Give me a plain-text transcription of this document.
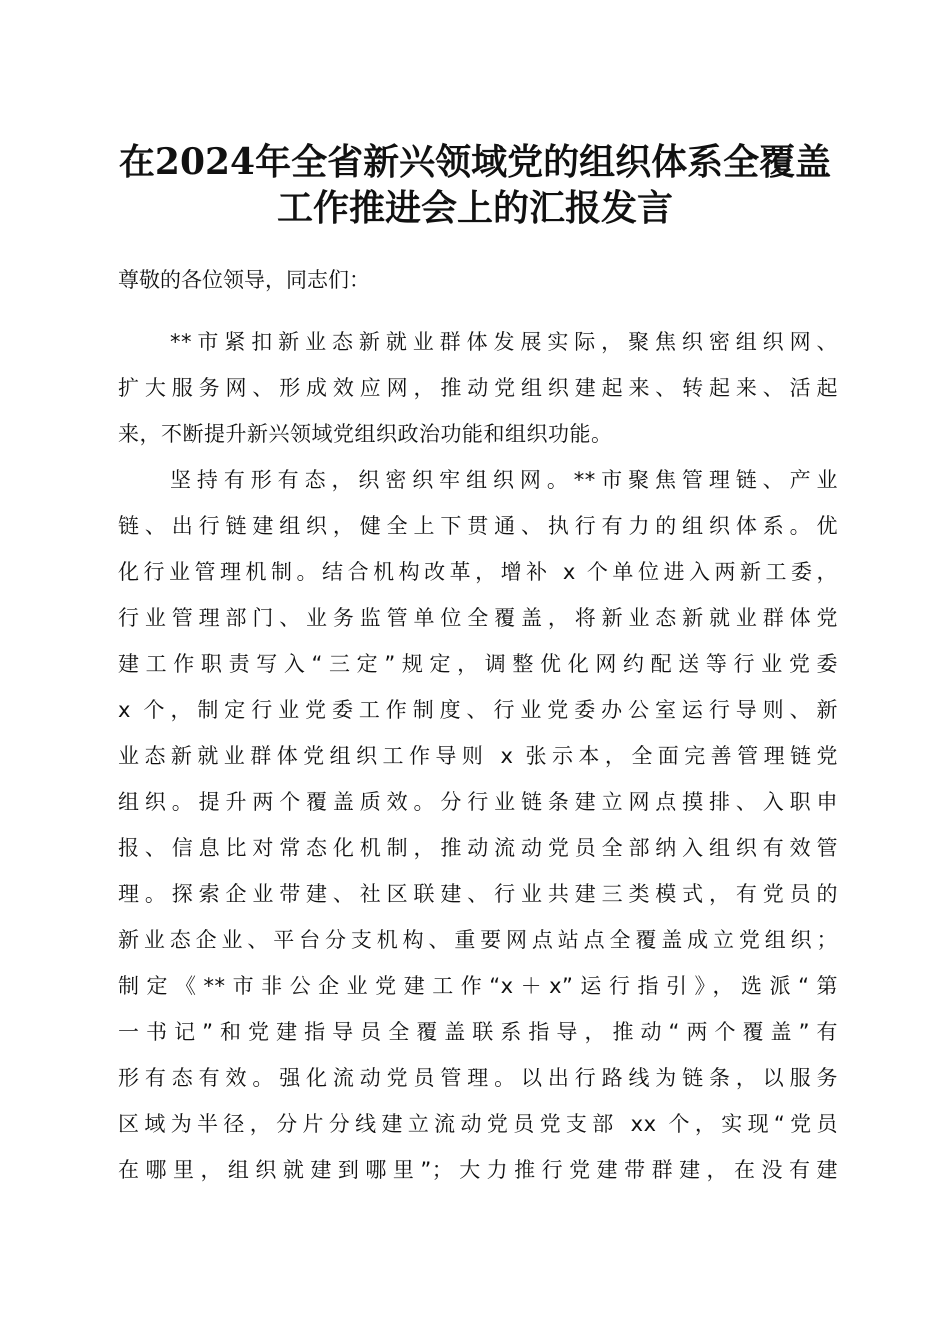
在2024年全省新兴领域党的组织体系全覆盖
工作推进会上的汇报发言
尊敬的各位领导，同志们：
**市紧扣新业态新就业群体发展实际，聚焦织密组织网、
扩大服务网、形成效应网，推动党组织建起来、转起来、活起
来，不断提升新兴领域党组织政治功能和组织功能。
坚持有形有态，织密织牢组织网。**市聚焦管理链、产业
链、出行链建组织，健全上下贯通、执行有力的组织体系。优
化行业管理机制。结合机构改革，增补 x 个单位进入两新工委，
行业管理部门、业务监管单位全覆盖，将新业态新就业群体党
建工作职责写入“三定”规定，调整优化网约配送等行业党委
x 个，制定行业党委工作制度、行业党委办公室运行导则、新
业态新就业群体党组织工作导则 x 张示本，全面完善管理链党
组织。提升两个覆盖质效。分行业链条建立网点摸排、入职申
报、信息比对常态化机制，推动流动党员全部纳入组织有效管
理。探索企业带建、社区联建、行业共建三类模式，有党员的
新业态企业、平台分支机构、重要网点站点全覆盖成立党组织；
制定《**市非公企业党建工作“x＋x”运行指引》，选派“第
一书记”和党建指导员全覆盖联系指导，推动“两个覆盖”有
形有态有效。强化流动党员管理。以出行路线为链条，以服务
区域为半径，分片分线建立流动党员党支部 xx 个，实现“党员
在哪里，组织就建到哪里”；大力推行党建带群建，在没有建
